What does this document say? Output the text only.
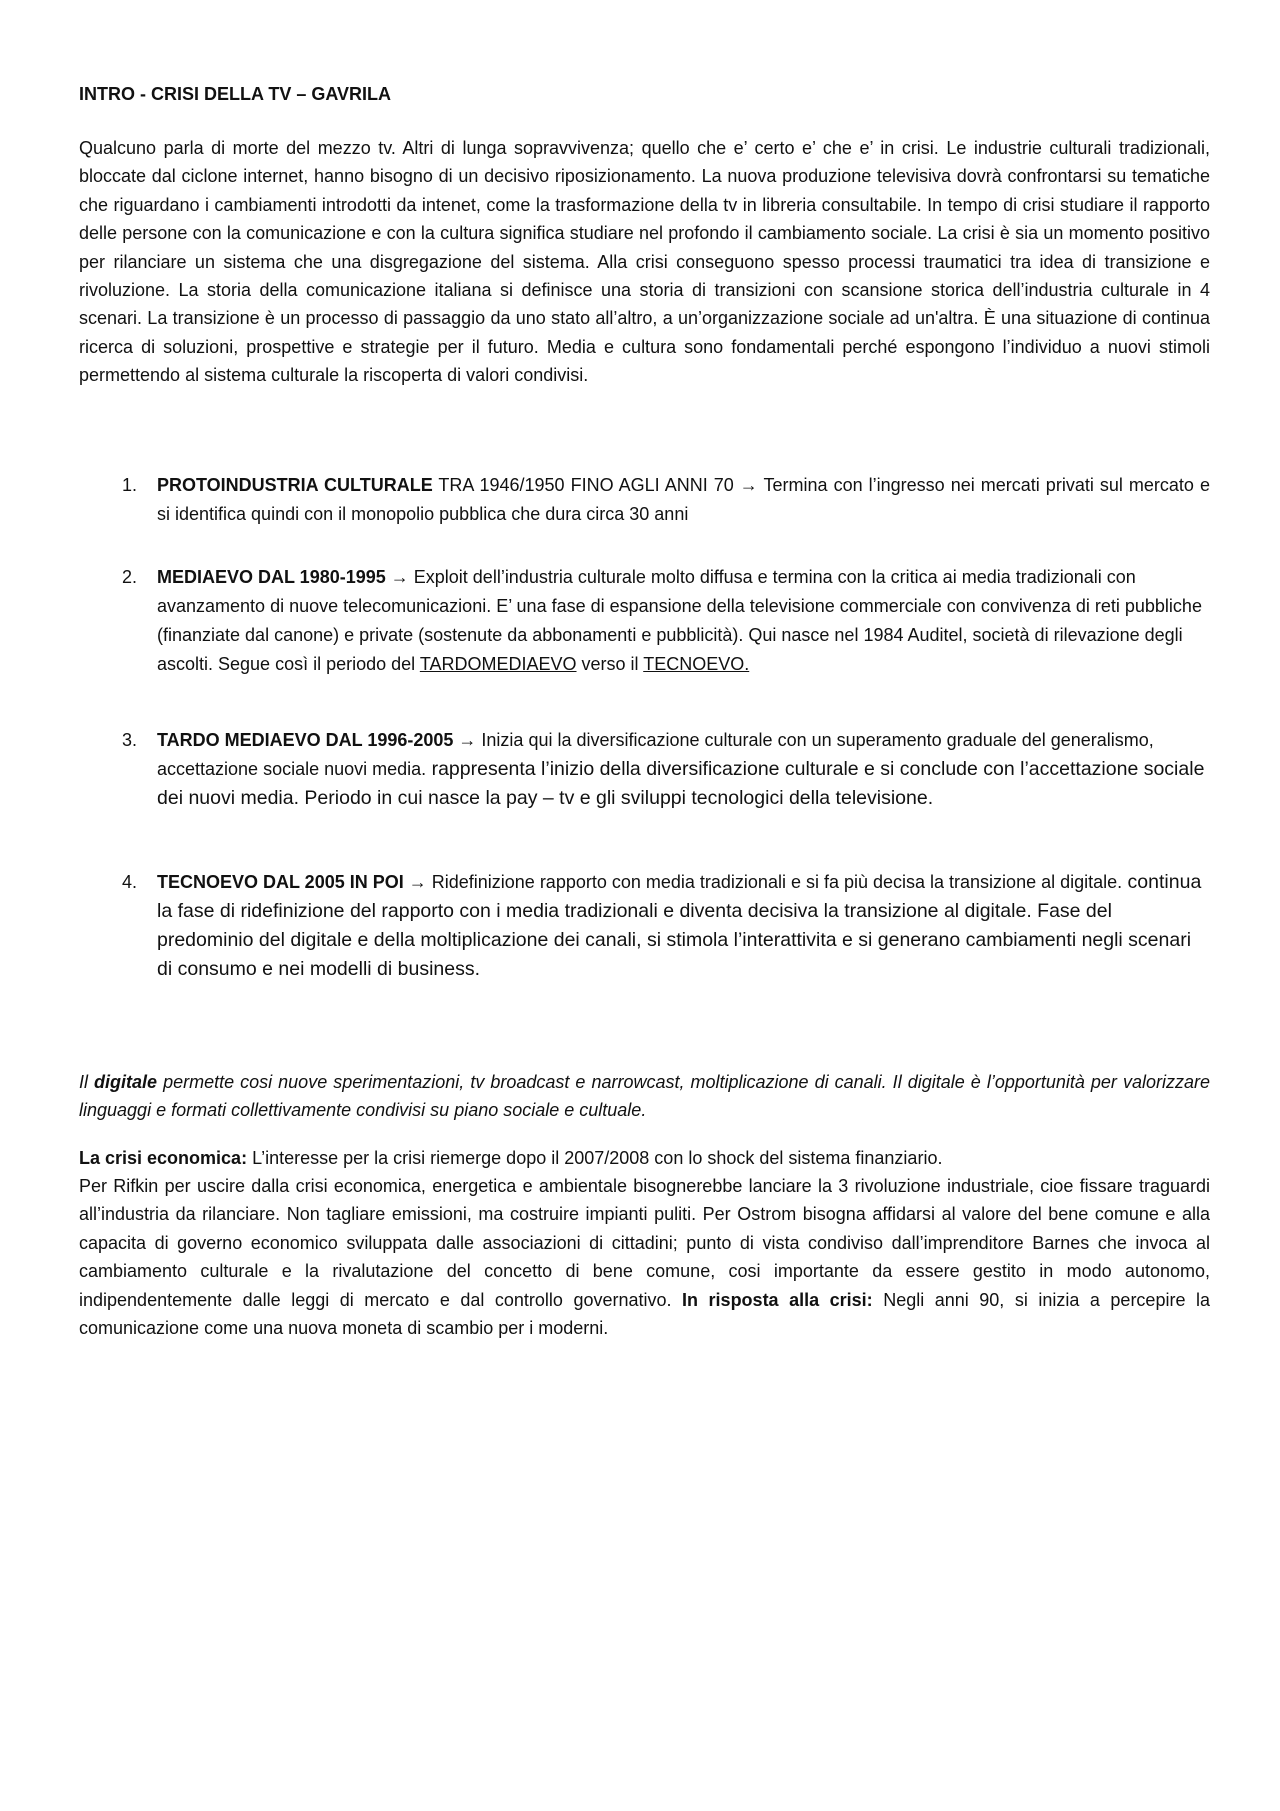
INTRO - CRISI DELLA TV – GAVRILA
Qualcuno parla di morte del mezzo tv. Altri di lunga sopravvivenza; quello che e’ certo e’ che e’ in crisi. Le industrie culturali tradizionali, bloccate dal ciclone internet, hanno bisogno di un decisivo riposizionamento. La nuova produzione televisiva dovrà confrontarsi su tematiche che riguardano i cambiamenti introdotti da intenet, come la trasformazione della tv in libreria consultabile. In tempo di crisi studiare il rapporto delle persone con la comunicazione e con la cultura significa studiare nel profondo il cambiamento sociale. La crisi è sia un momento positivo per rilanciare un sistema che una disgregazione del sistema. Alla crisi conseguono spesso processi traumatici tra idea di transizione e rivoluzione. La storia della comunicazione italiana si definisce una storia di transizioni con scansione storica dell’industria culturale in 4 scenari. La transizione è un processo di passaggio da uno stato all’altro, a un’organizzazione sociale ad un'altra. È una situazione di continua ricerca di soluzioni, prospettive e strategie per il futuro. Media e cultura sono fondamentali perché espongono l’individuo a nuovi stimoli permettendo al sistema culturale la riscoperta di valori condivisi.
1. PROTOINDUSTRIA CULTURALE TRA 1946/1950 FINO AGLI ANNI 70 → Termina con l’ingresso nei mercati privati sul mercato e si identifica quindi con il monopolio pubblica che dura circa 30 anni
2. MEDIAEVO DAL 1980-1995 → Exploit dell’industria culturale molto diffusa e termina con la critica ai media tradizionali con avanzamento di nuove telecomunicazioni. E’ una fase di espansione della televisione commerciale con convivenza di reti pubbliche (finanziate dal canone) e private (sostenute da abbonamenti e pubblicità). Qui nasce nel 1984 Auditel, società di rilevazione degli ascolti. Segue così il periodo del TARDOMEDIAEVO verso il TECNOEVO.
3. TARDO MEDIAEVO DAL 1996-2005 → Inizia qui la diversificazione culturale con un superamento graduale del generalismo, accettazione sociale nuovi media. rappresenta l’inizio della diversificazione culturale e si conclude con l’accettazione sociale dei nuovi media. Periodo in cui nasce la pay – tv e gli sviluppi tecnologici della televisione.
4. TECNOEVO DAL 2005 IN POI → Ridefinizione rapporto con media tradizionali e si fa più decisa la transizione al digitale. continua la fase di ridefinizione del rapporto con i media tradizionali e diventa decisiva la transizione al digitale. Fase del predominio del digitale e della moltiplicazione dei canali, si stimola l’interattivita e si generano cambiamenti negli scenari di consumo e nei modelli di business.
Il digitale permette cosi nuove sperimentazioni, tv broadcast e narrowcast, moltiplicazione di canali. Il digitale è l’opportunità per valorizzare linguaggi e formati collettivamente condivisi su piano sociale e cultuale.
La crisi economica: L’interesse per la crisi riemerge dopo il 2007/2008 con lo shock del sistema finanziario.
Per Rifkin per uscire dalla crisi economica, energetica e ambientale bisognerebbe lanciare la 3 rivoluzione industriale, cioe fissare traguardi all’industria da rilanciare. Non tagliare emissioni, ma costruire impianti puliti. Per Ostrom bisogna affidarsi al valore del bene comune e alla capacita di governo economico sviluppata dalle associazioni di cittadini; punto di vista condiviso dall’imprenditore Barnes che invoca al cambiamento culturale e la rivalutazione del concetto di bene comune, cosi importante da essere gestito in modo autonomo, indipendentemente dalle leggi di mercato e dal controllo governativo. In risposta alla crisi: Negli anni 90, si inizia a percepire la comunicazione come una nuova moneta di scambio per i moderni.
